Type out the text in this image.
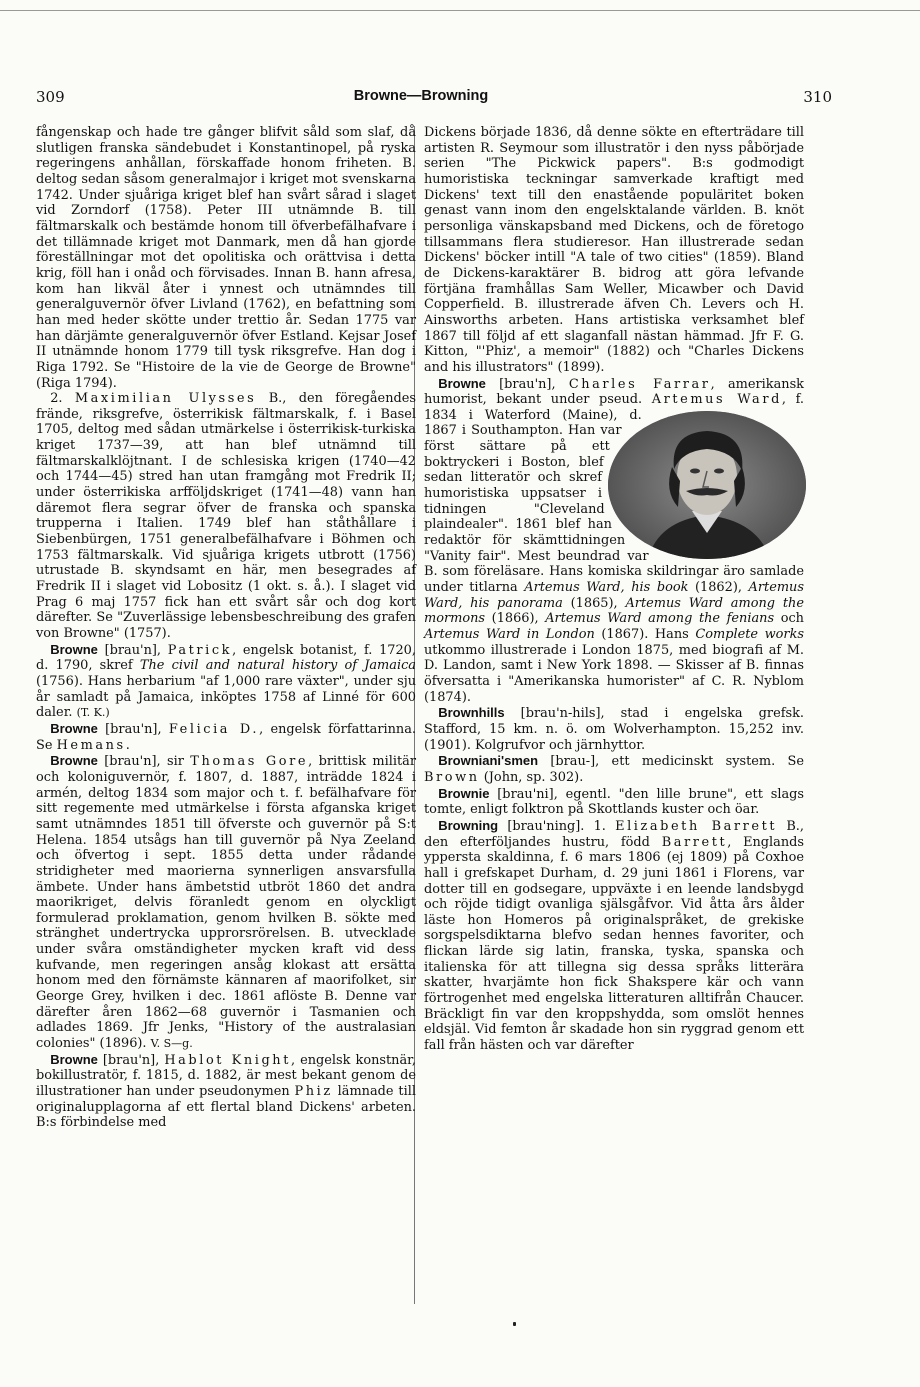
309	Browne—Browning	310

fångenskap och hade tre gånger blifvit såld som slaf, då slutligen franska sändebudet i Konstantinopel, på ryska regeringens anhållan, förskaffade honom friheten. B. deltog sedan såsom generalmajor i kriget mot svenskarna 1742. Under sjuåriga kriget blef han svårt sårad i slaget vid Zorndorf (1758). Peter III utnämnde B. till fältmarskalk och bestämde honom till öfverbefälhafvare i det tillämnade kriget mot Danmark, men då han gjorde föreställningar mot det opolitiska och orättvisa i detta krig, föll han i onåd och förvisades. Innan B. hann afresa, kom han likväl åter i ynnest och utnämndes till generalguvernör öfver Livland (1762), en befattning som han med heder skötte under trettio år. Sedan 1775 var han därjämte generalguvernör öfver Estland. Kejsar Josef II utnämnde honom 1779 till tysk riksgrefve. Han dog i Riga 1792. Se "Histoire de la vie de George de Browne" (Riga 1794).

2. Maximilian Ulysses B., den föregåendes frände, riksgrefve, österrikisk fältmarskalk, f. i Basel 1705, deltog med sådan utmärkelse i österrikisk-turkiska kriget 1737—39, att han blef utnämnd till fältmarskalklöjtnant. I de schlesiska krigen (1740—42 och 1744—45) stred han utan framgång mot Fredrik II; under österrikiska arfföljdskriget (1741—48) vann han däremot flera segrar öfver de franska och spanska trupperna i Italien. 1749 blef han ståthållare i Siebenbürgen, 1751 generalbefälhafvare i Böhmen och 1753 fältmarskalk. Vid sjuåriga krigets utbrott (1756) utrustade B. skyndsamt en här, men besegrades af Fredrik II i slaget vid Lobositz (1 okt. s. å.). I slaget vid Prag 6 maj 1757 fick han ett svårt sår och dog kort därefter. Se "Zuverlässige lebensbeschreibung des grafen von Browne" (1757).

Browne [brau'n], Patrick, engelsk botanist, f. 1720, d. 1790, skref The civil and natural history of Jamaica (1756). Hans herbarium "af 1,000 rare växter", under sju år samladt på Jamaica, inköptes 1758 af Linné för 600 daler. (T. K.)

Browne [brau'n], Felicia D., engelsk författarinna. Se Hemans.

Browne [brau'n], sir Thomas Gore, brittisk militär och koloniguvernör, f. 1807, d. 1887, inträdde 1824 i armén, deltog 1834 som major och t. f. befälhafvare för sitt regemente med utmärkelse i första afganska kriget samt utnämndes 1851 till öfverste och guvernör på S:t Helena. 1854 utsågs han till guvernör på Nya Zeeland och öfvertog i sept. 1855 detta under rådande stridigheter med maorierna synnerligen ansvarsfulla ämbete. Under hans ämbetstid utbröt 1860 det andra maorikriget, delvis föranledt genom en olyckligt formulerad proklamation, genom hvilken B. sökte med stränghet undertrycka upprorsrörelsen. B. utvecklade under svåra omständigheter mycken kraft vid dess kufvande, men regeringen ansåg klokast att ersätta honom med den förnämste kännaren af maorifolket, sir George Grey, hvilken i dec. 1861 aflöste B. Denne var därefter åren 1862—68 guvernör i Tasmanien och adlades 1869. Jfr Jenks, "History of the australasian colonies" (1896). V. S—g.

Browne [brau'n], Hablot Knight, engelsk konstnär, bokillustratör, f. 1815, d. 1882, är mest bekant genom de illustrationer han under pseudonymen Phiz lämnade till originalupplagorna af ett flertal bland Dickens' arbeten. B:s förbindelse med

Dickens började 1836, då denne sökte en efterträdare till artisten R. Seymour som illustratör i den nyss påbörjade serien "The Pickwick papers". B:s godmodigt humoristiska teckningar samverkade kraftigt med Dickens' text till den enastående populäritet boken genast vann inom den engelsktalande världen. B. knöt personliga vänskapsband med Dickens, och de företogo tillsammans flera studieresor. Han illustrerade sedan Dickens' böcker intill "A tale of two cities" (1859). Bland de Dickens-karaktärer B. bidrog att göra lefvande förtjäna framhållas Sam Weller, Micawber och David Copperfield. B. illustrerade äfven Ch. Levers och H. Ainsworths arbeten. Hans artistiska verksamhet blef 1867 till följd af ett slaganfall nästan hämmad. Jfr F. G. Kitton, "'Phiz', a memoir" (1882) och "Charles Dickens and his illustrators" (1899).

Browne [brau'n], Charles Farrar, amerikansk humorist, bekant under pseud. Artemus Ward
, f. 1834 i Waterford (Maine), d. 1867 i Southampton. Han var först sättare på ett boktryckeri i Boston, blef sedan litteratör och skref humoristiska uppsatser i tidningen "Cleveland plaindealer". 1861 blef han redaktör för skämttidningen "Vanity fair". Mest beundrad var B. som föreläsare. Hans komiska skildringar äro samlade under titlarna Artemus Ward, his book (1862), Artemus Ward, his panorama (1865), Artemus Ward among the mormons (1866), Artemus Ward among the fenians och Artemus Ward in London (1867). Hans Complete works utkommo illustrerade i London 1875, med biografi af M. D. Landon, samt i New York 1898. — Skisser af B. finnas öfversatta i "Amerikanska humorister" af C. R. Nyblom (1874).

Brownhills [brau'n-hils], stad i engelska grefsk. Stafford, 15 km. n. ö. om Wolverhampton. 15,252 inv. (1901). Kolgrufvor och järnhyttor.

Browniani'smen [brau-], ett medicinskt system. Se Brown (John, sp. 302).

Brownie [brau'ni], egentl. "den lille brune", ett slags tomte, enligt folktron på Skottlands kuster och öar.

Browning [brau'ning]. 1. Elizabeth Barrett B., den efterföljandes hustru, född Barrett, Englands yppersta skaldinna, f. 6 mars 1806 (ej 1809) på Coxhoe hall i grefskapet Durham, d. 29 juni 1861 i Florens, var dotter till en godsegare, uppväxte i en leende landsbygd och röjde tidigt ovanliga själsgåfvor. Vid åtta års ålder läste hon Homeros på originalspråket, de grekiske sorgspelsdiktarna blefvo sedan hennes favoriter, och flickan lärde sig latin, franska, tyska, spanska och italienska för att tillegna sig dessa språks litterära skatter, hvarjämte hon fick Shakspere kär och vann förtrogenhet med engelska litteraturen alltifrån Chaucer. Bräckligt fin var den kroppshydda, som omslöt hennes eldsjäl. Vid femton år skadade hon sin ryggrad genom ett fall från hästen och var därefter
